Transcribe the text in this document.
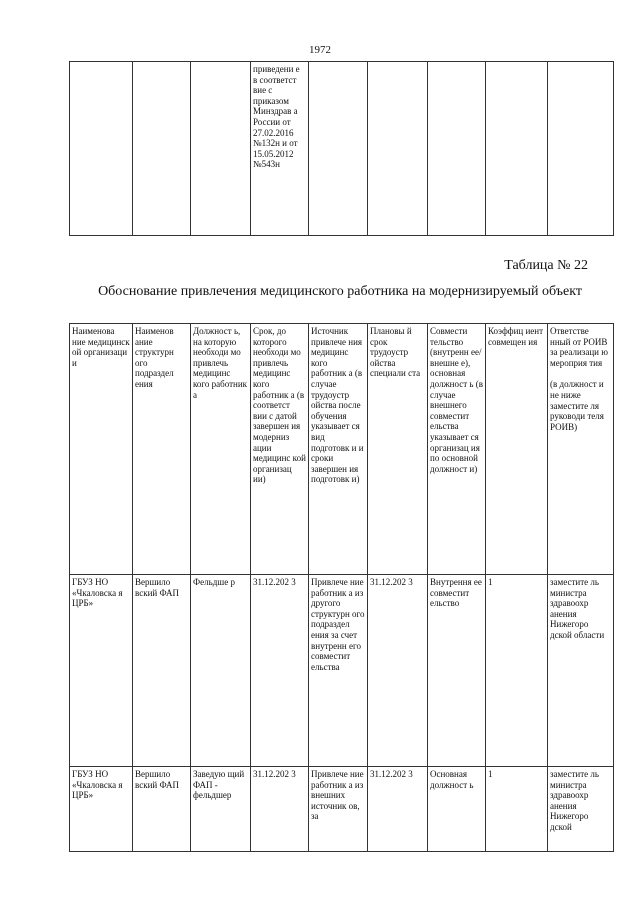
1972
			приведени е в соответст вие с приказом Минздрав а России от 27.02.2016 №132н и от 15.05.2012 №543н					
Таблица № 22
Обоснование привлечения медицинского работника на модернизируемый объект
Наименова ние медицинск ой организаци и	Наименов ание структурн ого подраздел ения	Должност ь, на которую необходи мо привлечь медицинс кого работник а	Срок, до которого необходи мо привлечь медицинс кого работник а (в соответст вии с датой завершен ия модерниз ации медицинс кой организац ии)	Источник привлече ния медицинс кого работник а (в случае трудоустр ойства после обучения указывает ся вид подготовк и и сроки завершен ия подготовк и)	Плановы й срок трудоустр ойства специали ста	Совмести тельство (внутренн ее/внешне е), основная должност ь (в случае внешнего совместит ельства указывает ся организац ия по основной должност и)	Коэффиц иент совмещен ия	Ответстве нный от РОИВ за реализаци ю мероприя тия
(в должност и не ниже заместите ля руководи теля РОИВ)

ГБУЗ НО «Чкаловска я ЦРБ»	Вершило вский ФАП	Фельдше р	31.12.202 3	Привлече ние работник а из другого структурн ого подраздел ения за счет внутренн его совместит ельства	31.12.202 3	Внутрення ее совместит ельство	1	заместите ль министра здравоохр анения Нижегоро дской области
ГБУЗ НО «Чкаловска я ЦРБ»	Вершило вский ФАП	Заведую щий ФАП - фельдшер	31.12.202 3	Привлече ние работник а из внешних источник ов, за	31.12.202 3	Основная должност ь	1	заместите ль министра здравоохр анения Нижегоро дской
